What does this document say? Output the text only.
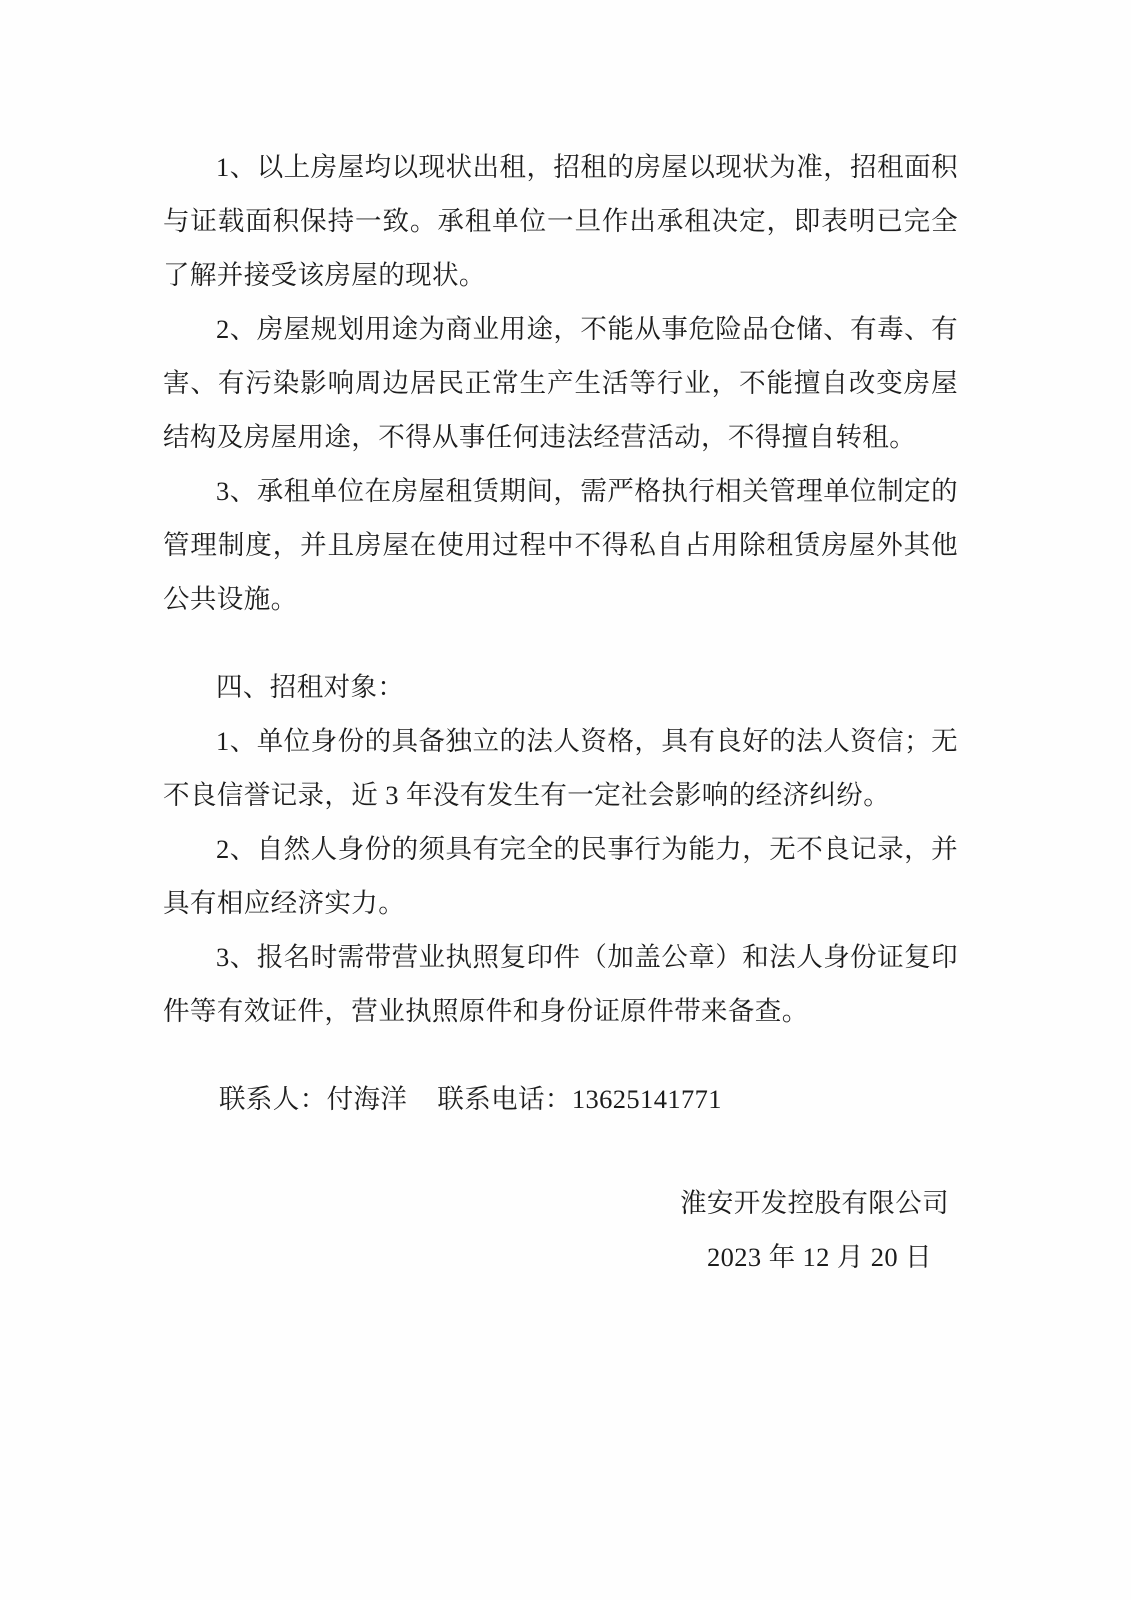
1、以上房屋均以现状出租，招租的房屋以现状为准，招租面积与证载面积保持一致。承租单位一旦作出承租决定，即表明已完全了解并接受该房屋的现状。

2、房屋规划用途为商业用途，不能从事危险品仓储、有毒、有害、有污染影响周边居民正常生产生活等行业，不能擅自改变房屋结构及房屋用途，不得从事任何违法经营活动，不得擅自转租。

3、承租单位在房屋租赁期间，需严格执行相关管理单位制定的管理制度，并且房屋在使用过程中不得私自占用除租赁房屋外其他公共设施。

四、招租对象：

1、单位身份的具备独立的法人资格，具有良好的法人资信；无不良信誉记录，近 3 年没有发生有一定社会影响的经济纠纷。

2、自然人身份的须具有完全的民事行为能力，无不良记录，并具有相应经济实力。

3、报名时需带营业执照复印件（加盖公章）和法人身份证复印件等有效证件，营业执照原件和身份证原件带来备查。

联系人：付海洋 联系电话：13625141771
淮安开发控股有限公司
2023 年 12 月 20 日
